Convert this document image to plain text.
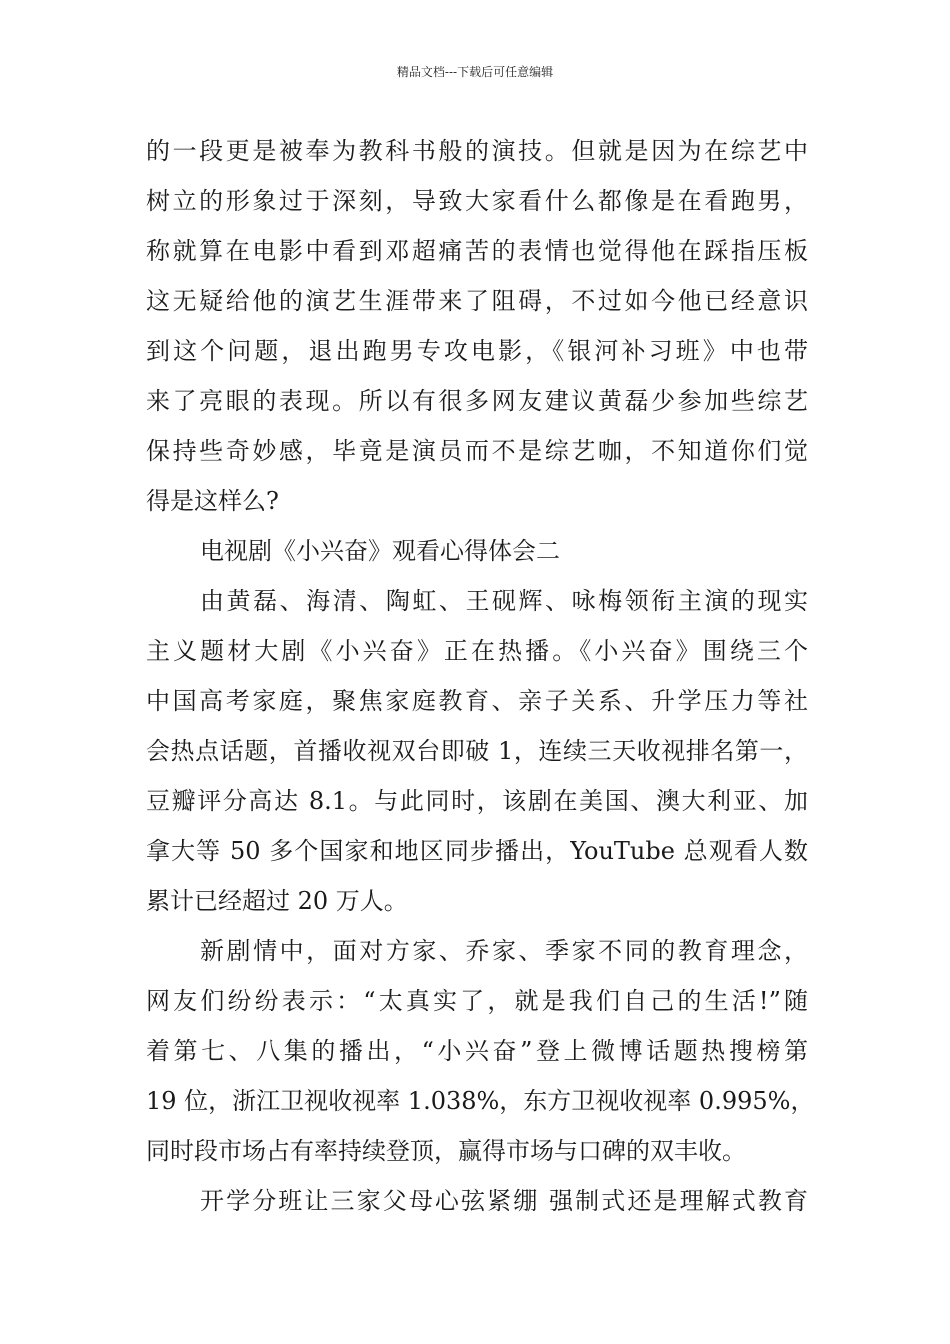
精品文档---下载后可任意编辑
的一段更是被奉为教科书般的演技。但就是因为在综艺中
树立的形象过于深刻，导致大家看什么都像是在看跑男，
称就算在电影中看到邓超痛苦的表情也觉得他在踩指压板
这无疑给他的演艺生涯带来了阻碍，不过如今他已经意识
到这个问题，退出跑男专攻电影，《银河补习班》中也带
来了亮眼的表现。所以有很多网友建议黄磊少参加些综艺
保持些奇妙感，毕竟是演员而不是综艺咖，不知道你们觉
得是这样么?
电视剧《小兴奋》观看心得体会二
由黄磊、海清、陶虹、王砚辉、咏梅领衔主演的现实
主义题材大剧《小兴奋》正在热播。《小兴奋》围绕三个
中国高考家庭，聚焦家庭教育、亲子关系、升学压力等社
会热点话题，首播收视双台即破 1，连续三天收视排名第一，
豆瓣评分高达 8.1。与此同时，该剧在美国、澳大利亚、加
拿大等 50 多个国家和地区同步播出，YouTube 总观看人数
累计已经超过 20 万人。
新剧情中，面对方家、乔家、季家不同的教育理念，
网友们纷纷表示：“太真实了，就是我们自己的生活!”随
着第七、八集的播出，“小兴奋”登上微博话题热搜榜第
19 位，浙江卫视收视率 1.038%，东方卫视收视率 0.995%，
同时段市场占有率持续登顶，赢得市场与口碑的双丰收。
开学分班让三家父母心弦紧绷 强制式还是理解式教育
